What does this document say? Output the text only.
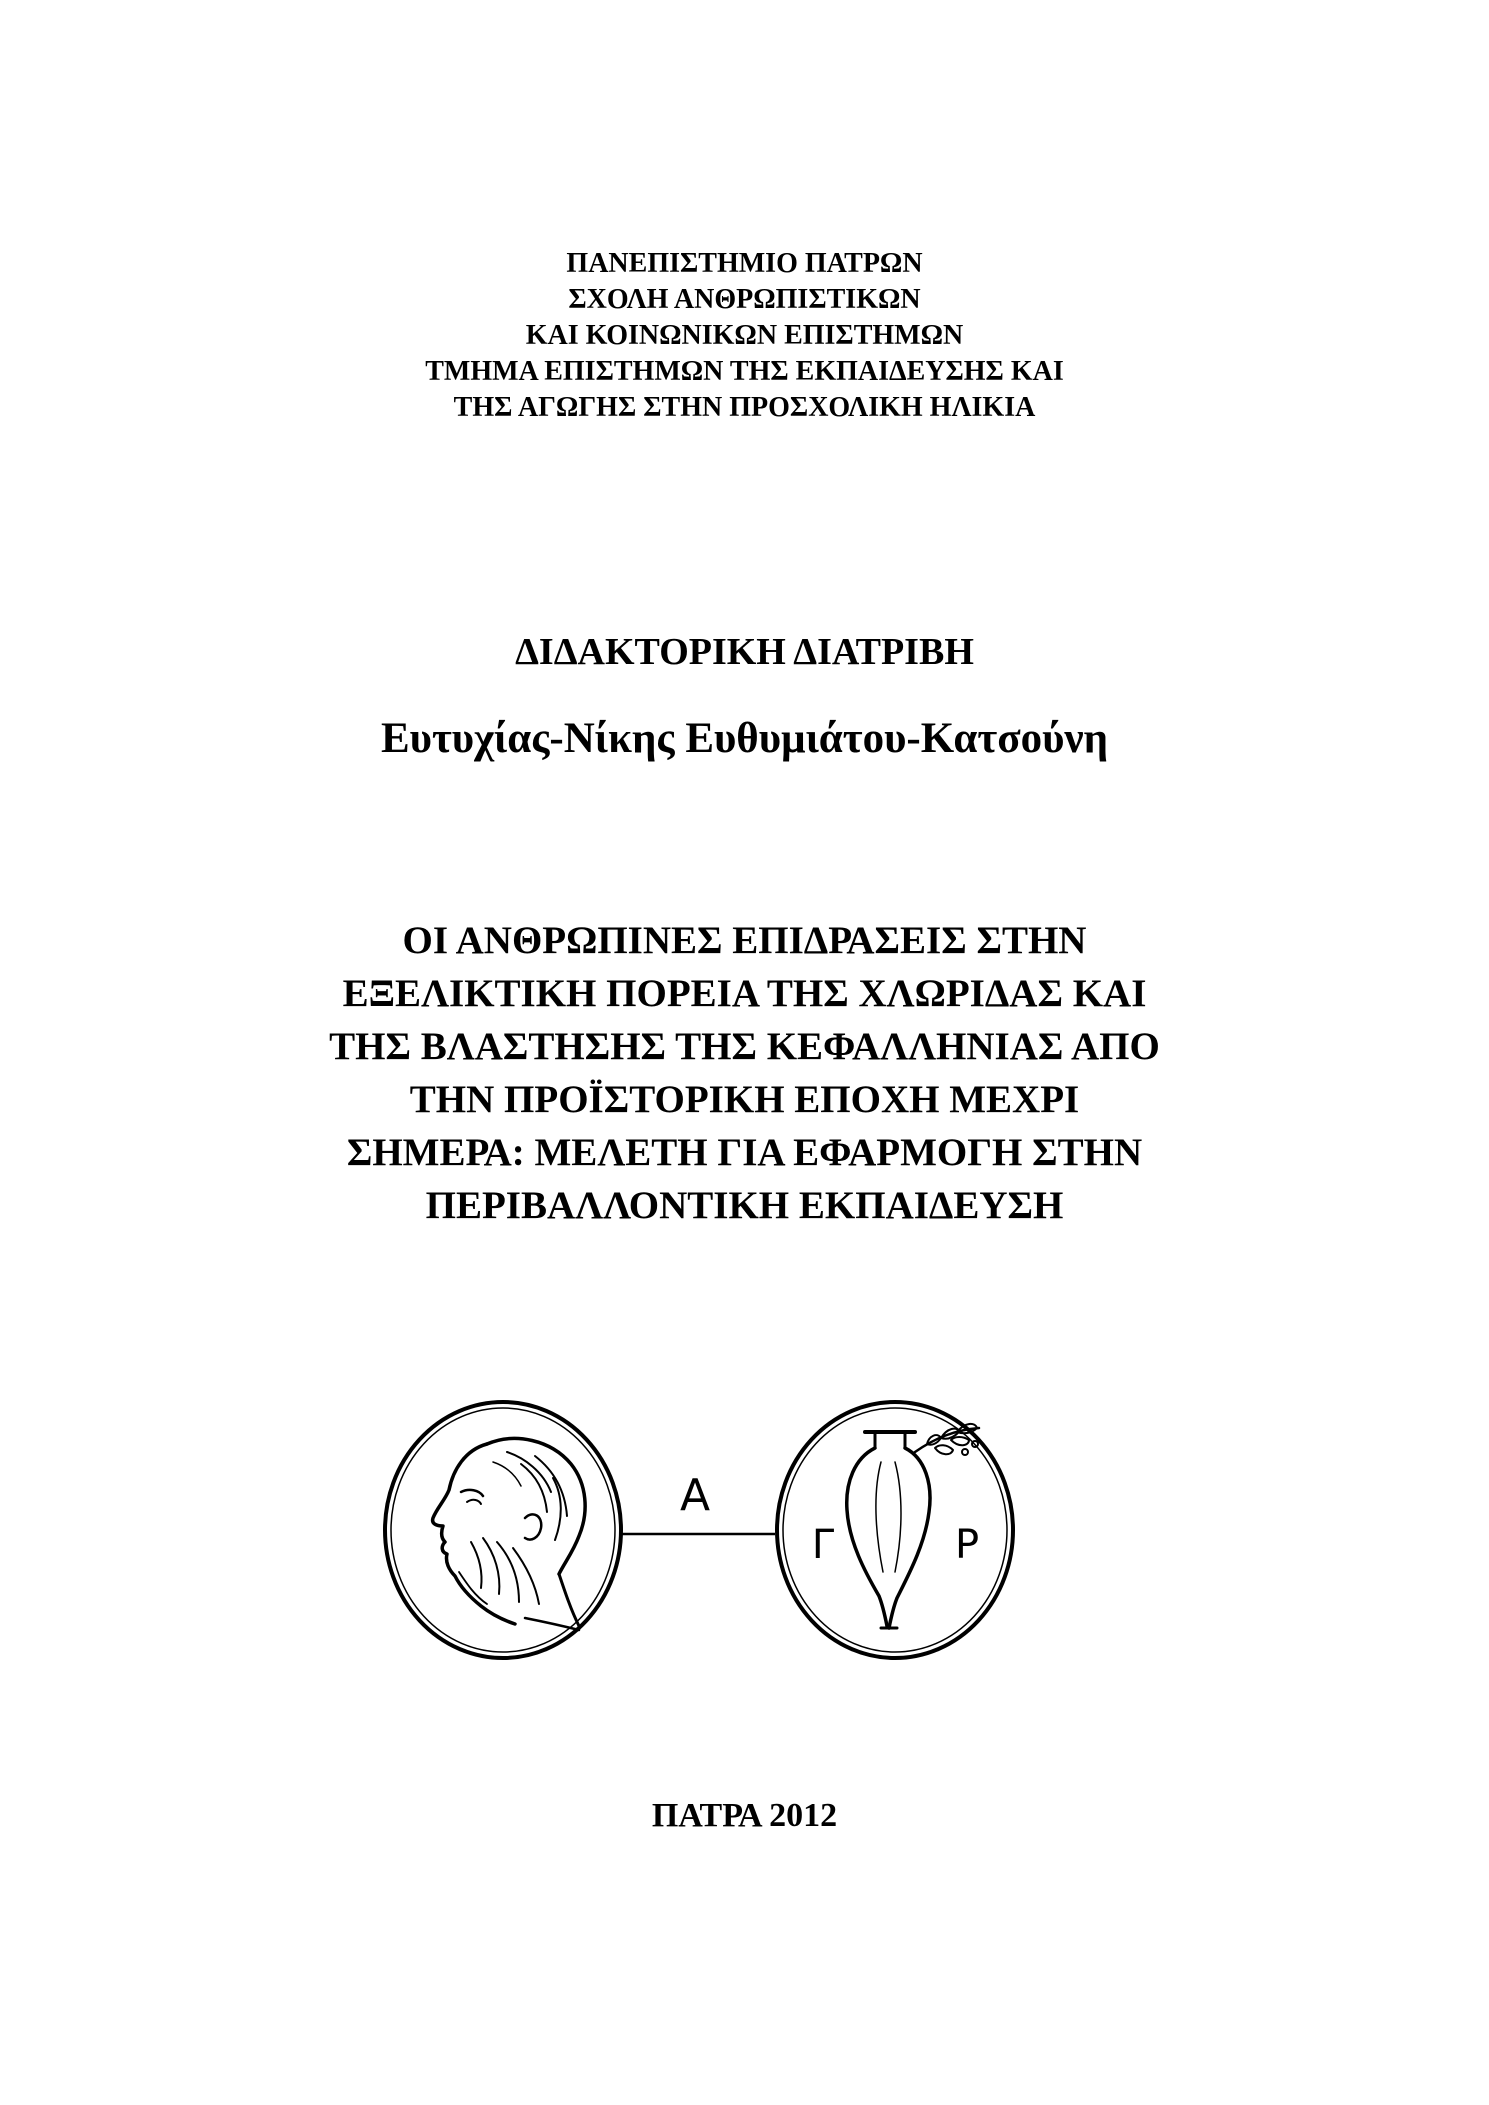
ΠΑΝΕΠΙΣΤΗΜΙΟ ΠΑΤΡΩΝ
ΣΧΟΛΗ ΑΝΘΡΩΠΙΣΤΙΚΩΝ
ΚΑΙ ΚΟΙΝΩΝΙΚΩΝ ΕΠΙΣΤΗΜΩΝ
ΤΜΗΜΑ ΕΠΙΣΤΗΜΩΝ ΤΗΣ ΕΚΠΑΙΔΕΥΣΗΣ ΚΑΙ
ΤΗΣ ΑΓΩΓΗΣ ΣΤΗΝ ΠΡΟΣΧΟΛΙΚΗ ΗΛΙΚΙΑ
ΔΙΔΑΚΤΟΡΙΚΗ ΔΙΑΤΡΙΒΗ
Ευτυχίας-Νίκης Ευθυμιάτου-Κατσούνη
ΟΙ ΑΝΘΡΩΠΙΝΕΣ ΕΠΙΔΡΑΣΕΙΣ ΣΤΗΝ
ΕΞΕΛΙΚΤΙΚΗ ΠΟΡΕΙΑ ΤΗΣ ΧΛΩΡΙΔΑΣ ΚΑΙ
ΤΗΣ ΒΛΑΣΤΗΣΗΣ ΤΗΣ ΚΕΦΑΛΛΗΝΙΑΣ ΑΠΟ
ΤΗΝ ΠΡΟΪΣΤΟΡΙΚΗ ΕΠΟΧΗ ΜΕΧΡΙ
ΣΗΜΕΡΑ: ΜΕΛΕΤΗ ΓΙΑ ΕΦΑΡΜΟΓΗ ΣΤΗΝ
ΠΕΡΙΒΑΛΛΟΝΤΙΚΗ ΕΚΠΑΙΔΕΥΣΗ
Α
Γ	Ρ
ΠΑΤΡΑ 2012
